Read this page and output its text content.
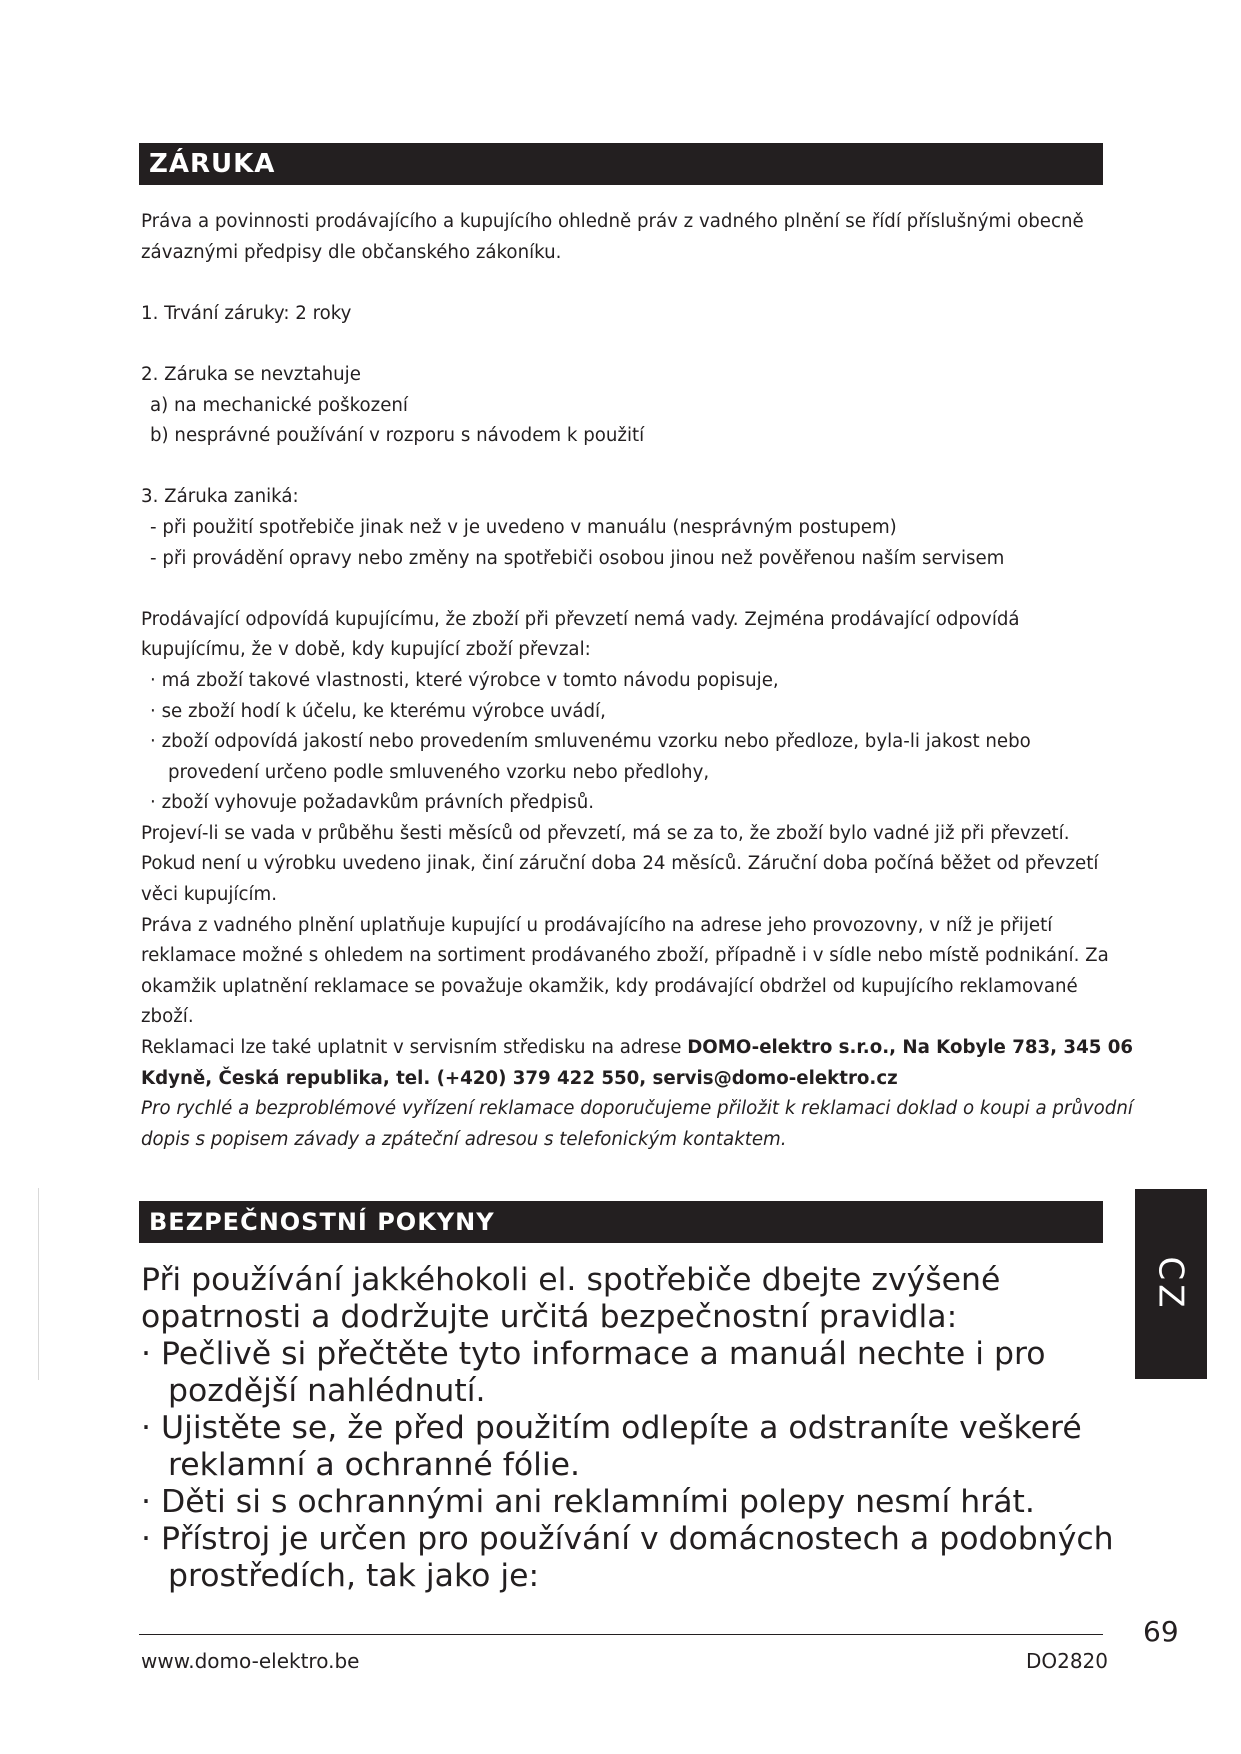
ZÁRUKA

Práva a povinnosti prodávajícího a kupujícího ohledně práv z vadného plnění se řídí příslušnými obecně

závaznými předpisy dle občanského zákoníku.

1. Trvání záruky: 2 roky

2. Záruka se nevztahuje

a) na mechanické poškození

b) nesprávné používání v rozporu s návodem k použití

3. Záruka zaniká:

- při použití spotřebiče jinak než v je uvedeno v manuálu (nesprávným postupem)

- při provádění opravy nebo změny na spotřebiči osobou jinou než pověřenou naším servisem

Prodávající odpovídá kupujícímu, že zboží při převzetí nemá vady. Zejména prodávající odpovídá

kupujícímu, že v době, kdy kupující zboží převzal:

· má zboží takové vlastnosti, které výrobce v tomto návodu popisuje,

· se zboží hodí k účelu, ke kterému výrobce uvádí,

· zboží odpovídá jakostí nebo provedením smluvenému vzorku nebo předloze, byla-li jakost nebo

provedení určeno podle smluveného vzorku nebo předlohy,

· zboží vyhovuje požadavkům právních předpisů.

Projeví-li se vada v průběhu šesti měsíců od převzetí, má se za to, že zboží bylo vadné již při převzetí.

Pokud není u výrobku uvedeno jinak, činí záruční doba 24 měsíců. Záruční doba počíná běžet od převzetí

věci kupujícím.

Práva z vadného plnění uplatňuje kupující u prodávajícího na adrese jeho provozovny, v níž je přijetí

reklamace možné s ohledem na sortiment prodávaného zboží, případně i v sídle nebo místě podnikání. Za

okamžik uplatnění reklamace se považuje okamžik, kdy prodávající obdržel od kupujícího reklamované

zboží.

Reklamaci lze také uplatnit v servisním středisku na adrese DOMO-elektro s.r.o., Na Kobyle 783, 345 06

Kdyně, Česká republika, tel. (+420) 379 422 550, servis@domo-elektro.cz

Pro rychlé a bezproblémové vyřízení reklamace doporučujeme přiložit k reklamaci doklad o koupi a průvodní

dopis s popisem závady a zpáteční adresou s telefonickým kontaktem.

BEZPEČNOSTNÍ POKYNY

Při používání jakkéhokoli el. spotřebiče dbejte zvýšené

opatrnosti a dodržujte určitá bezpečnostní pravidla:

· Pečlivě si přečtěte tyto informace a manuál nechte i pro

pozdější nahlédnutí.

· Ujistěte se, že před použitím odlepíte a odstraníte veškeré

reklamní a ochranné fólie.

· Děti si s ochrannými ani reklamními polepy nesmí hrát.

· Přístroj je určen pro používání v domácnostech a podobných

prostředích, tak jako je:

CZ
69
www.domo-elektro.be	DO2820
